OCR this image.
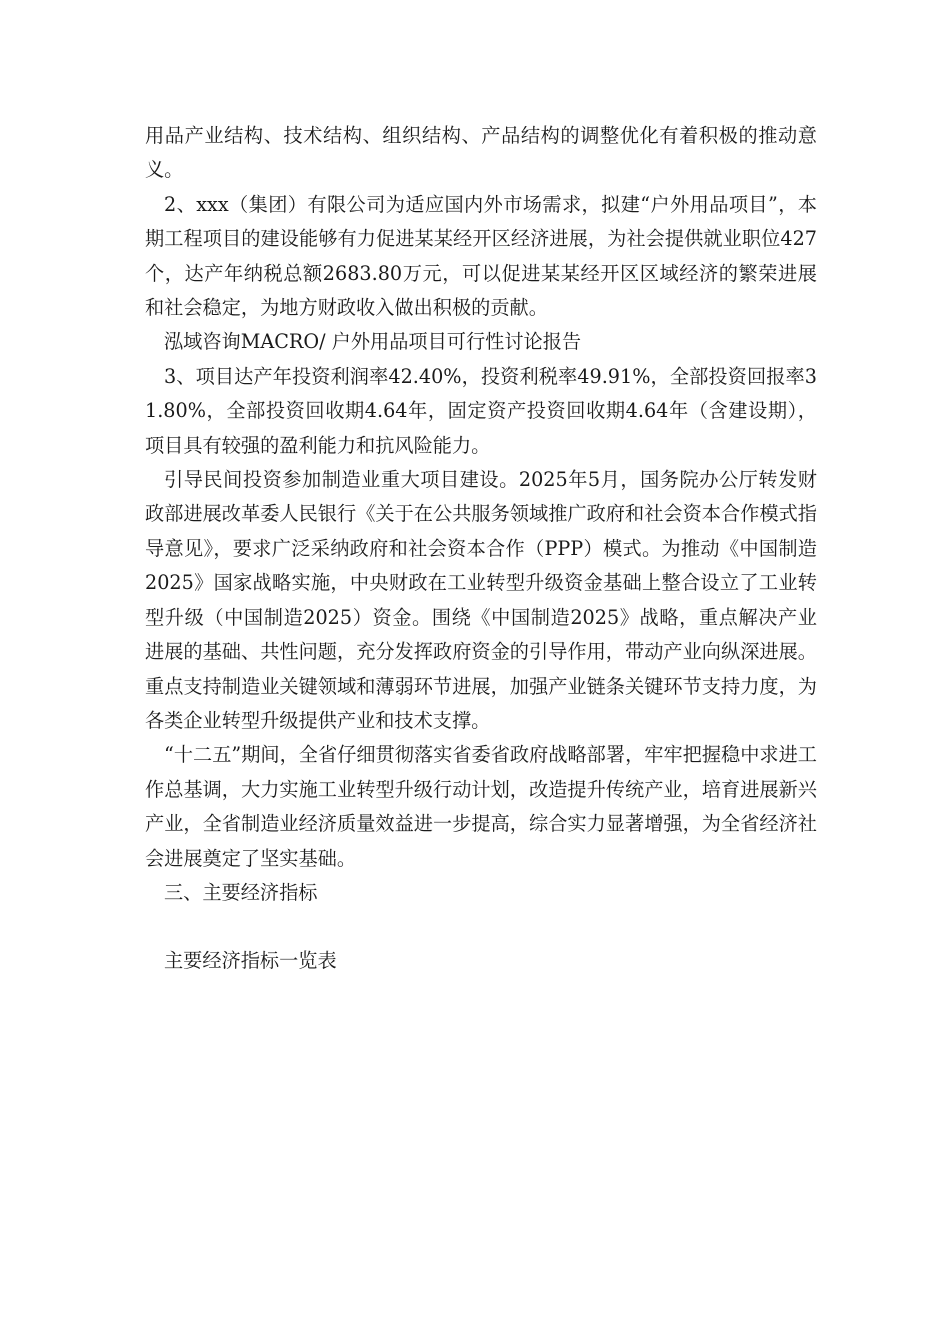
用品产业结构、技术结构、组织结构、产品结构的调整优化有着积极的推动意义。

2、xxx（集团）有限公司为适应国内外市场需求，拟建“户外用品项目”，本期工程项目的建设能够有力促进某某经开区经济进展，为社会提供就业职位427个，达产年纳税总额2683.80万元，可以促进某某经开区区域经济的繁荣进展和社会稳定，为地方财政收入做出积极的贡献。

泓域咨询MACRO/ 户外用品项目可行性讨论报告

3、项目达产年投资利润率42.40%，投资利税率49.91%，全部投资回报率31.80%，全部投资回收期4.64年，固定资产投资回收期4.64年（含建设期），项目具有较强的盈利能力和抗风险能力。

引导民间投资参加制造业重大项目建设。2025年5月，国务院办公厅转发财政部进展改革委人民银行《关于在公共服务领域推广政府和社会资本合作模式指导意见》，要求广泛采纳政府和社会资本合作（PPP）模式。为推动《中国制造2025》国家战略实施，中央财政在工业转型升级资金基础上整合设立了工业转型升级（中国制造2025）资金。围绕《中国制造2025》战略，重点解决产业进展的基础、共性问题，充分发挥政府资金的引导作用，带动产业向纵深进展。重点支持制造业关键领域和薄弱环节进展，加强产业链条关键环节支持力度，为各类企业转型升级提供产业和技术支撑。

“十二五”期间，全省仔细贯彻落实省委省政府战略部署，牢牢把握稳中求进工作总基调，大力实施工业转型升级行动计划，改造提升传统产业，培育进展新兴产业，全省制造业经济质量效益进一步提高，综合实力显著增强，为全省经济社会进展奠定了坚实基础。

三、主要经济指标

主要经济指标一览表
